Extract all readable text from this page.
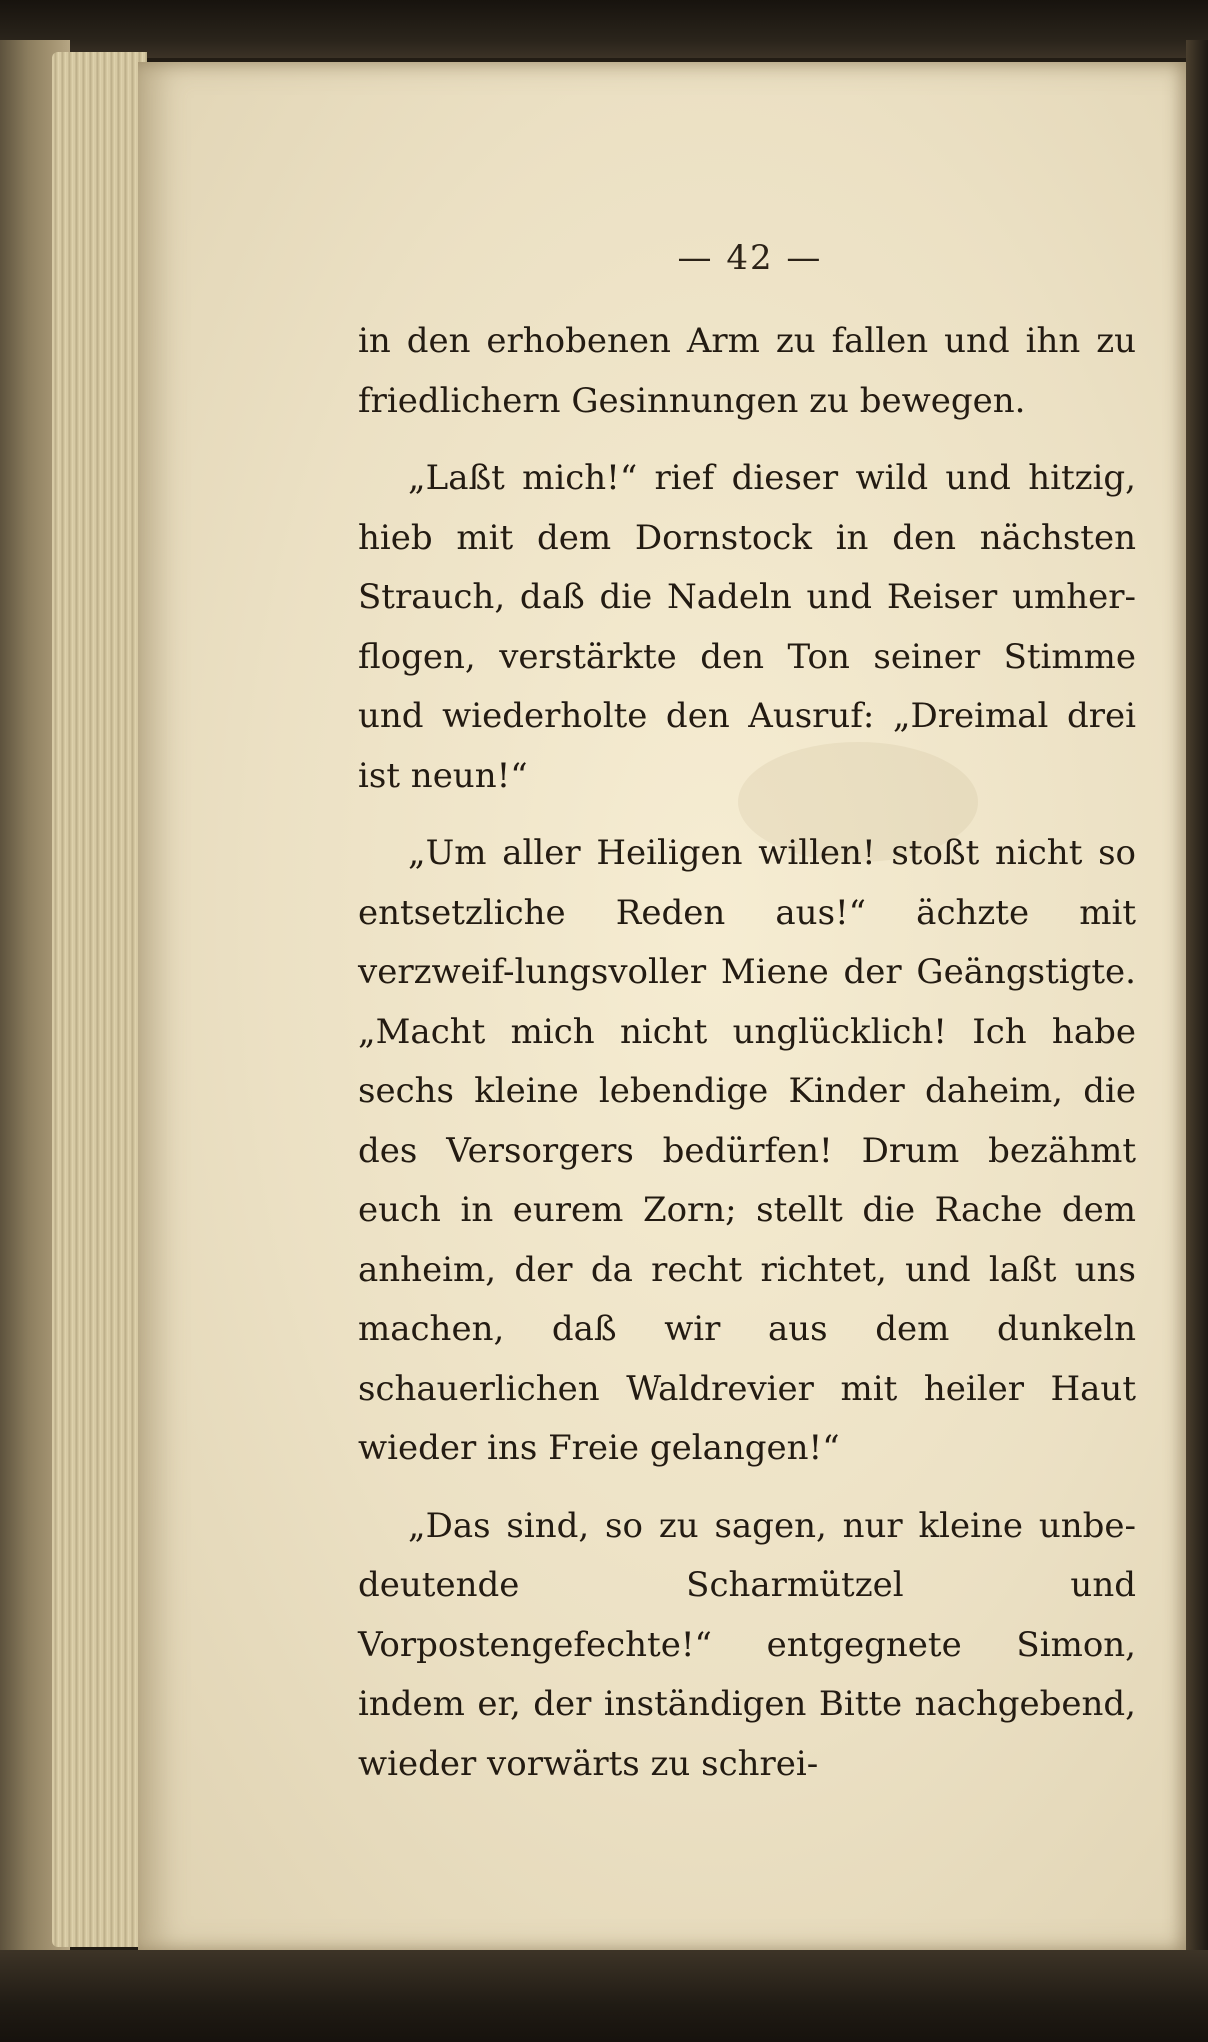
— 42 —

in den erhobenen Arm zu fallen und ihn zu friedlichern Gesinnungen zu bewegen.

„Laßt mich!“ rief dieser wild und hitzig, hieb mit dem Dornstock in den nächsten Strauch, daß die Nadeln und Reiser umher-flogen, verstärkte den Ton seiner Stimme und wiederholte den Ausruf: „Dreimal drei ist neun!“

„Um aller Heiligen willen! stoßt nicht so entsetzliche Reden aus!“ ächzte mit verzweif-lungsvoller Miene der Geängstigte. „Macht mich nicht unglücklich! Ich habe sechs kleine lebendige Kinder daheim, die des Versorgers bedürfen! Drum bezähmt euch in eurem Zorn; stellt die Rache dem anheim, der da recht richtet, und laßt uns machen, daß wir aus dem dunkeln schauerlichen Waldrevier mit heiler Haut wieder ins Freie gelangen!“

„Das sind, so zu sagen, nur kleine unbe-deutende Scharmützel und Vorpostengefechte!“ entgegnete Simon, indem er, der inständigen Bitte nachgebend, wieder vorwärts zu schrei-
